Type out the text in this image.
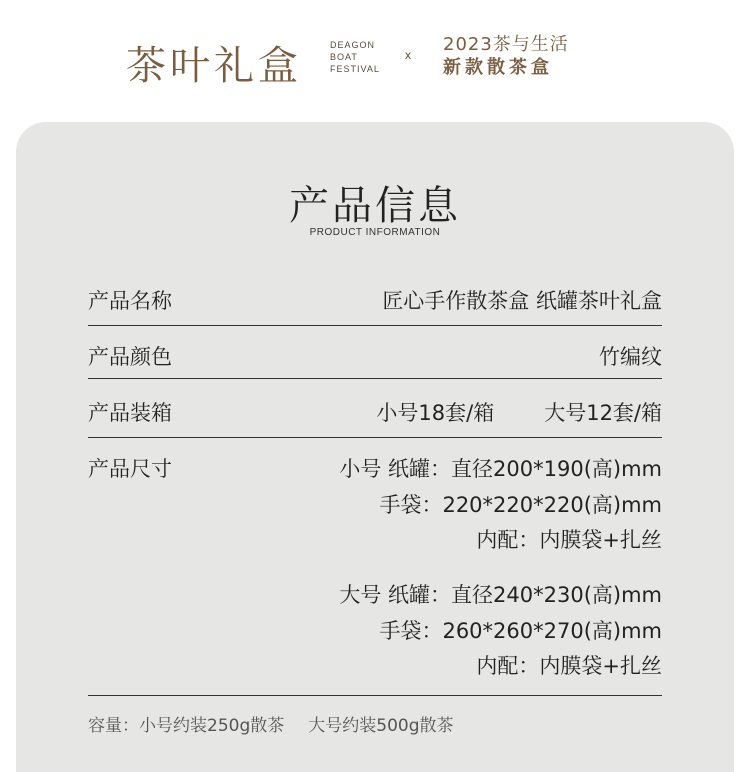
茶叶礼盒	DEAGON
BOAT
FESTIVAL
x 2023茶与生活
新款散茶盒
产品信息
PRODUCT INFORMATION
产品名称	匠心手作散茶盒 纸罐茶叶礼盒
产品颜色	竹编纹
产品装箱	小号18套/箱 大号12套/箱
产品尺寸	小号 纸罐：直径200*190(高)mm
手袋：220*220*220(高)mm
内配：内膜袋+扎丝
大号 纸罐：直径240*230(高)mm
手袋：260*260*270(高)mm
内配：内膜袋+扎丝
容量：小号约装250g散茶 大号约装500g散茶
